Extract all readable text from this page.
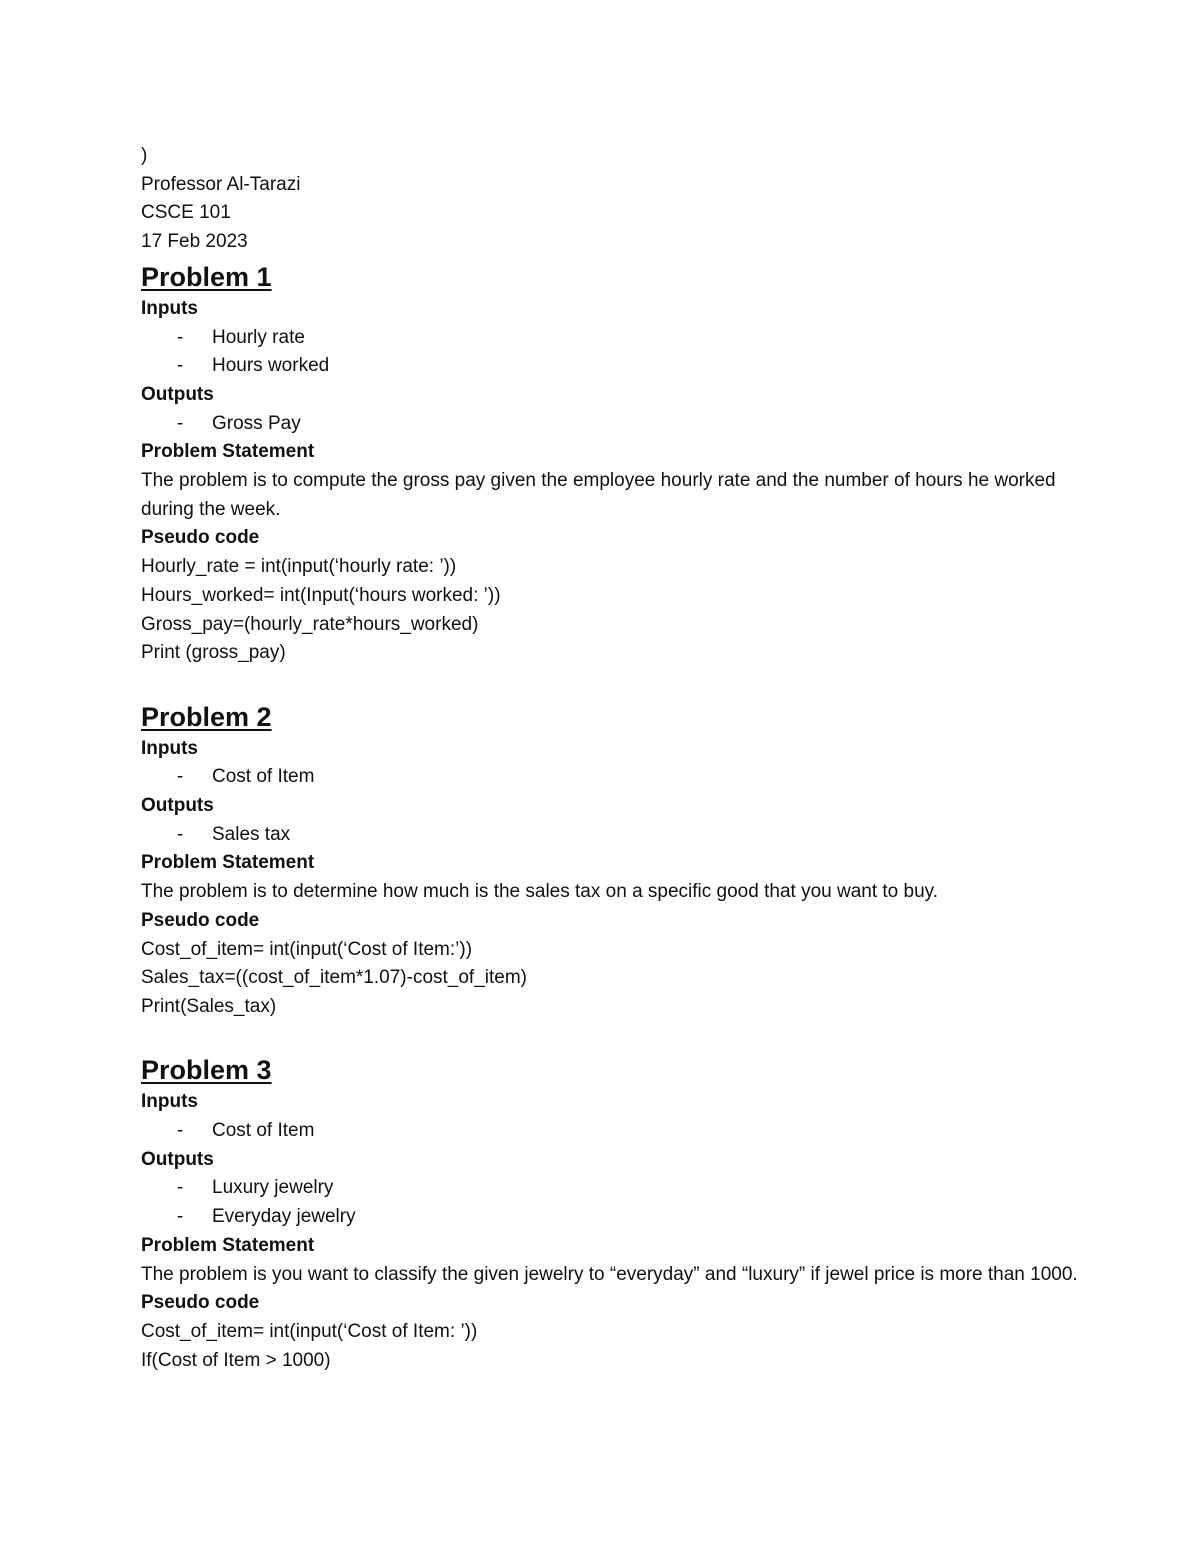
)
Professor Al-Tarazi
CSCE 101
17 Feb 2023
Problem 1
Inputs
- Hourly rate
- Hours worked
Outputs
- Gross Pay
Problem Statement
The problem is to compute the gross pay given the employee hourly rate and the number of hours he worked during the week.
Pseudo code
Hourly_rate = int(input(‘hourly rate: ’))
Hours_worked= int(Input(‘hours worked: ’))
Gross_pay=(hourly_rate*hours_worked)
Print (gross_pay)
Problem 2
Inputs
- Cost of Item
Outputs
- Sales tax
Problem Statement
The problem is to determine how much is the sales tax on a specific good that you want to buy.
Pseudo code
Cost_of_item= int(input(‘Cost of Item:’))
Sales_tax=((cost_of_item*1.07)-cost_of_item)
Print(Sales_tax)
Problem 3
Inputs
- Cost of Item
Outputs
- Luxury jewelry
- Everyday jewelry
Problem Statement
The problem is you want to classify the given jewelry to “everyday” and “luxury” if jewel price is more than 1000.
Pseudo code
Cost_of_item= int(input(‘Cost of Item: ’))
If(Cost of Item > 1000)
